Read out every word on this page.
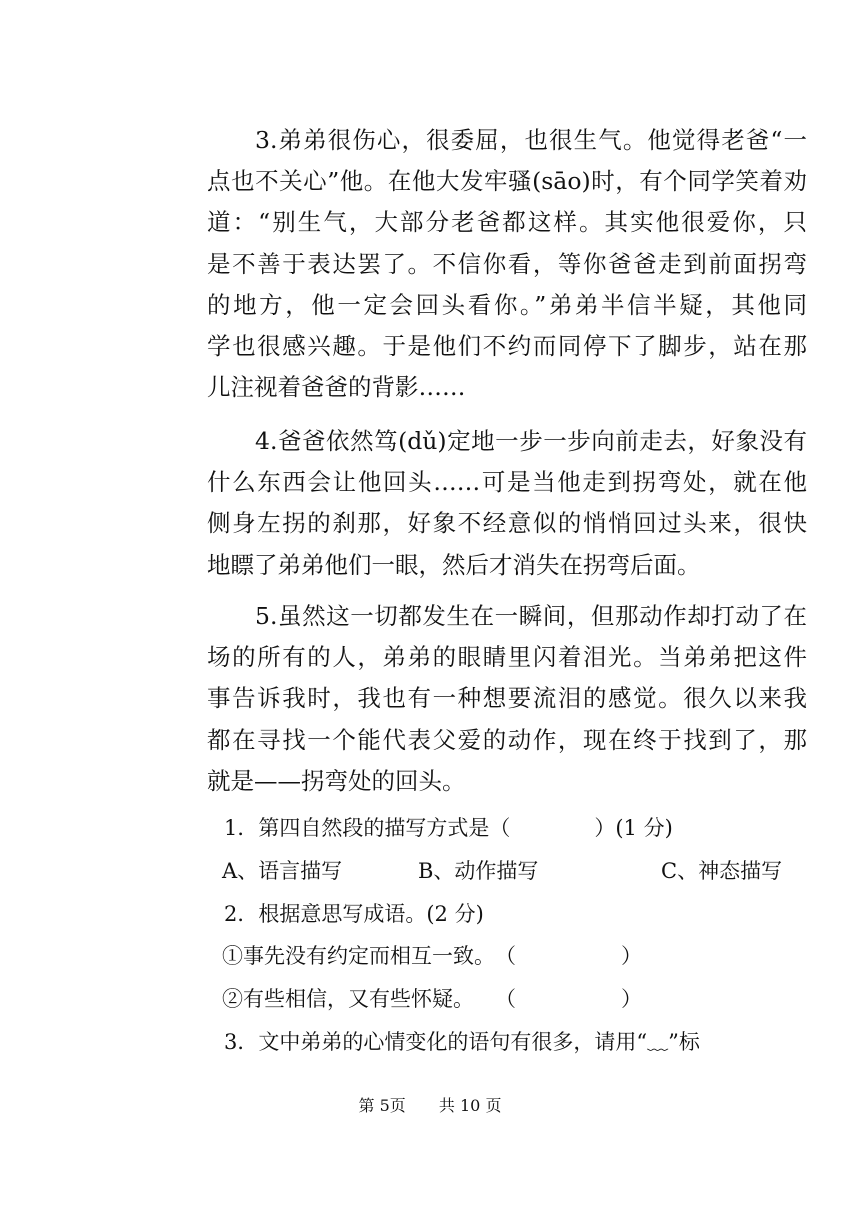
3.弟弟很伤心，很委屈，也很生气。他觉得老爸“一
点也不关心”他。在他大发牢骚(sāo)时，有个同学笑着劝
道：“别生气，大部分老爸都这样。其实他很爱你，只
是不善于表达罢了。不信你看，等你爸爸走到前面拐弯
的地方，他一定会回头看你。”弟弟半信半疑，其他同
学也很感兴趣。于是他们不约而同停下了脚步，站在那
儿注视着爸爸的背影……
4.爸爸依然笃(dǔ)定地一步一步向前走去，好象没有
什么东西会让他回头……可是当他走到拐弯处，就在他
侧身左拐的刹那，好象不经意似的悄悄回过头来，很快
地瞟了弟弟他们一眼，然后才消失在拐弯后面。
5.虽然这一切都发生在一瞬间，但那动作却打动了在
场的所有的人，弟弟的眼睛里闪着泪光。当弟弟把这件
事告诉我时，我也有一种想要流泪的感觉。很久以来我
都在寻找一个能代表父爱的动作，现在终于找到了，那
就是——拐弯处的回头。

1．第四自然段的描写方式是（　　　　）(1 分)

A、语言描写	B、动作描写	C、神态描写

2．根据意思写成语。(2 分)

①事先没有约定而相互一致。　（　　　　　）

②有些相信，又有些怀疑。　　（　　　　　）

3．文中弟弟的心情变化的语句有很多，请用“﹏”标

第 5页 共 10 页
